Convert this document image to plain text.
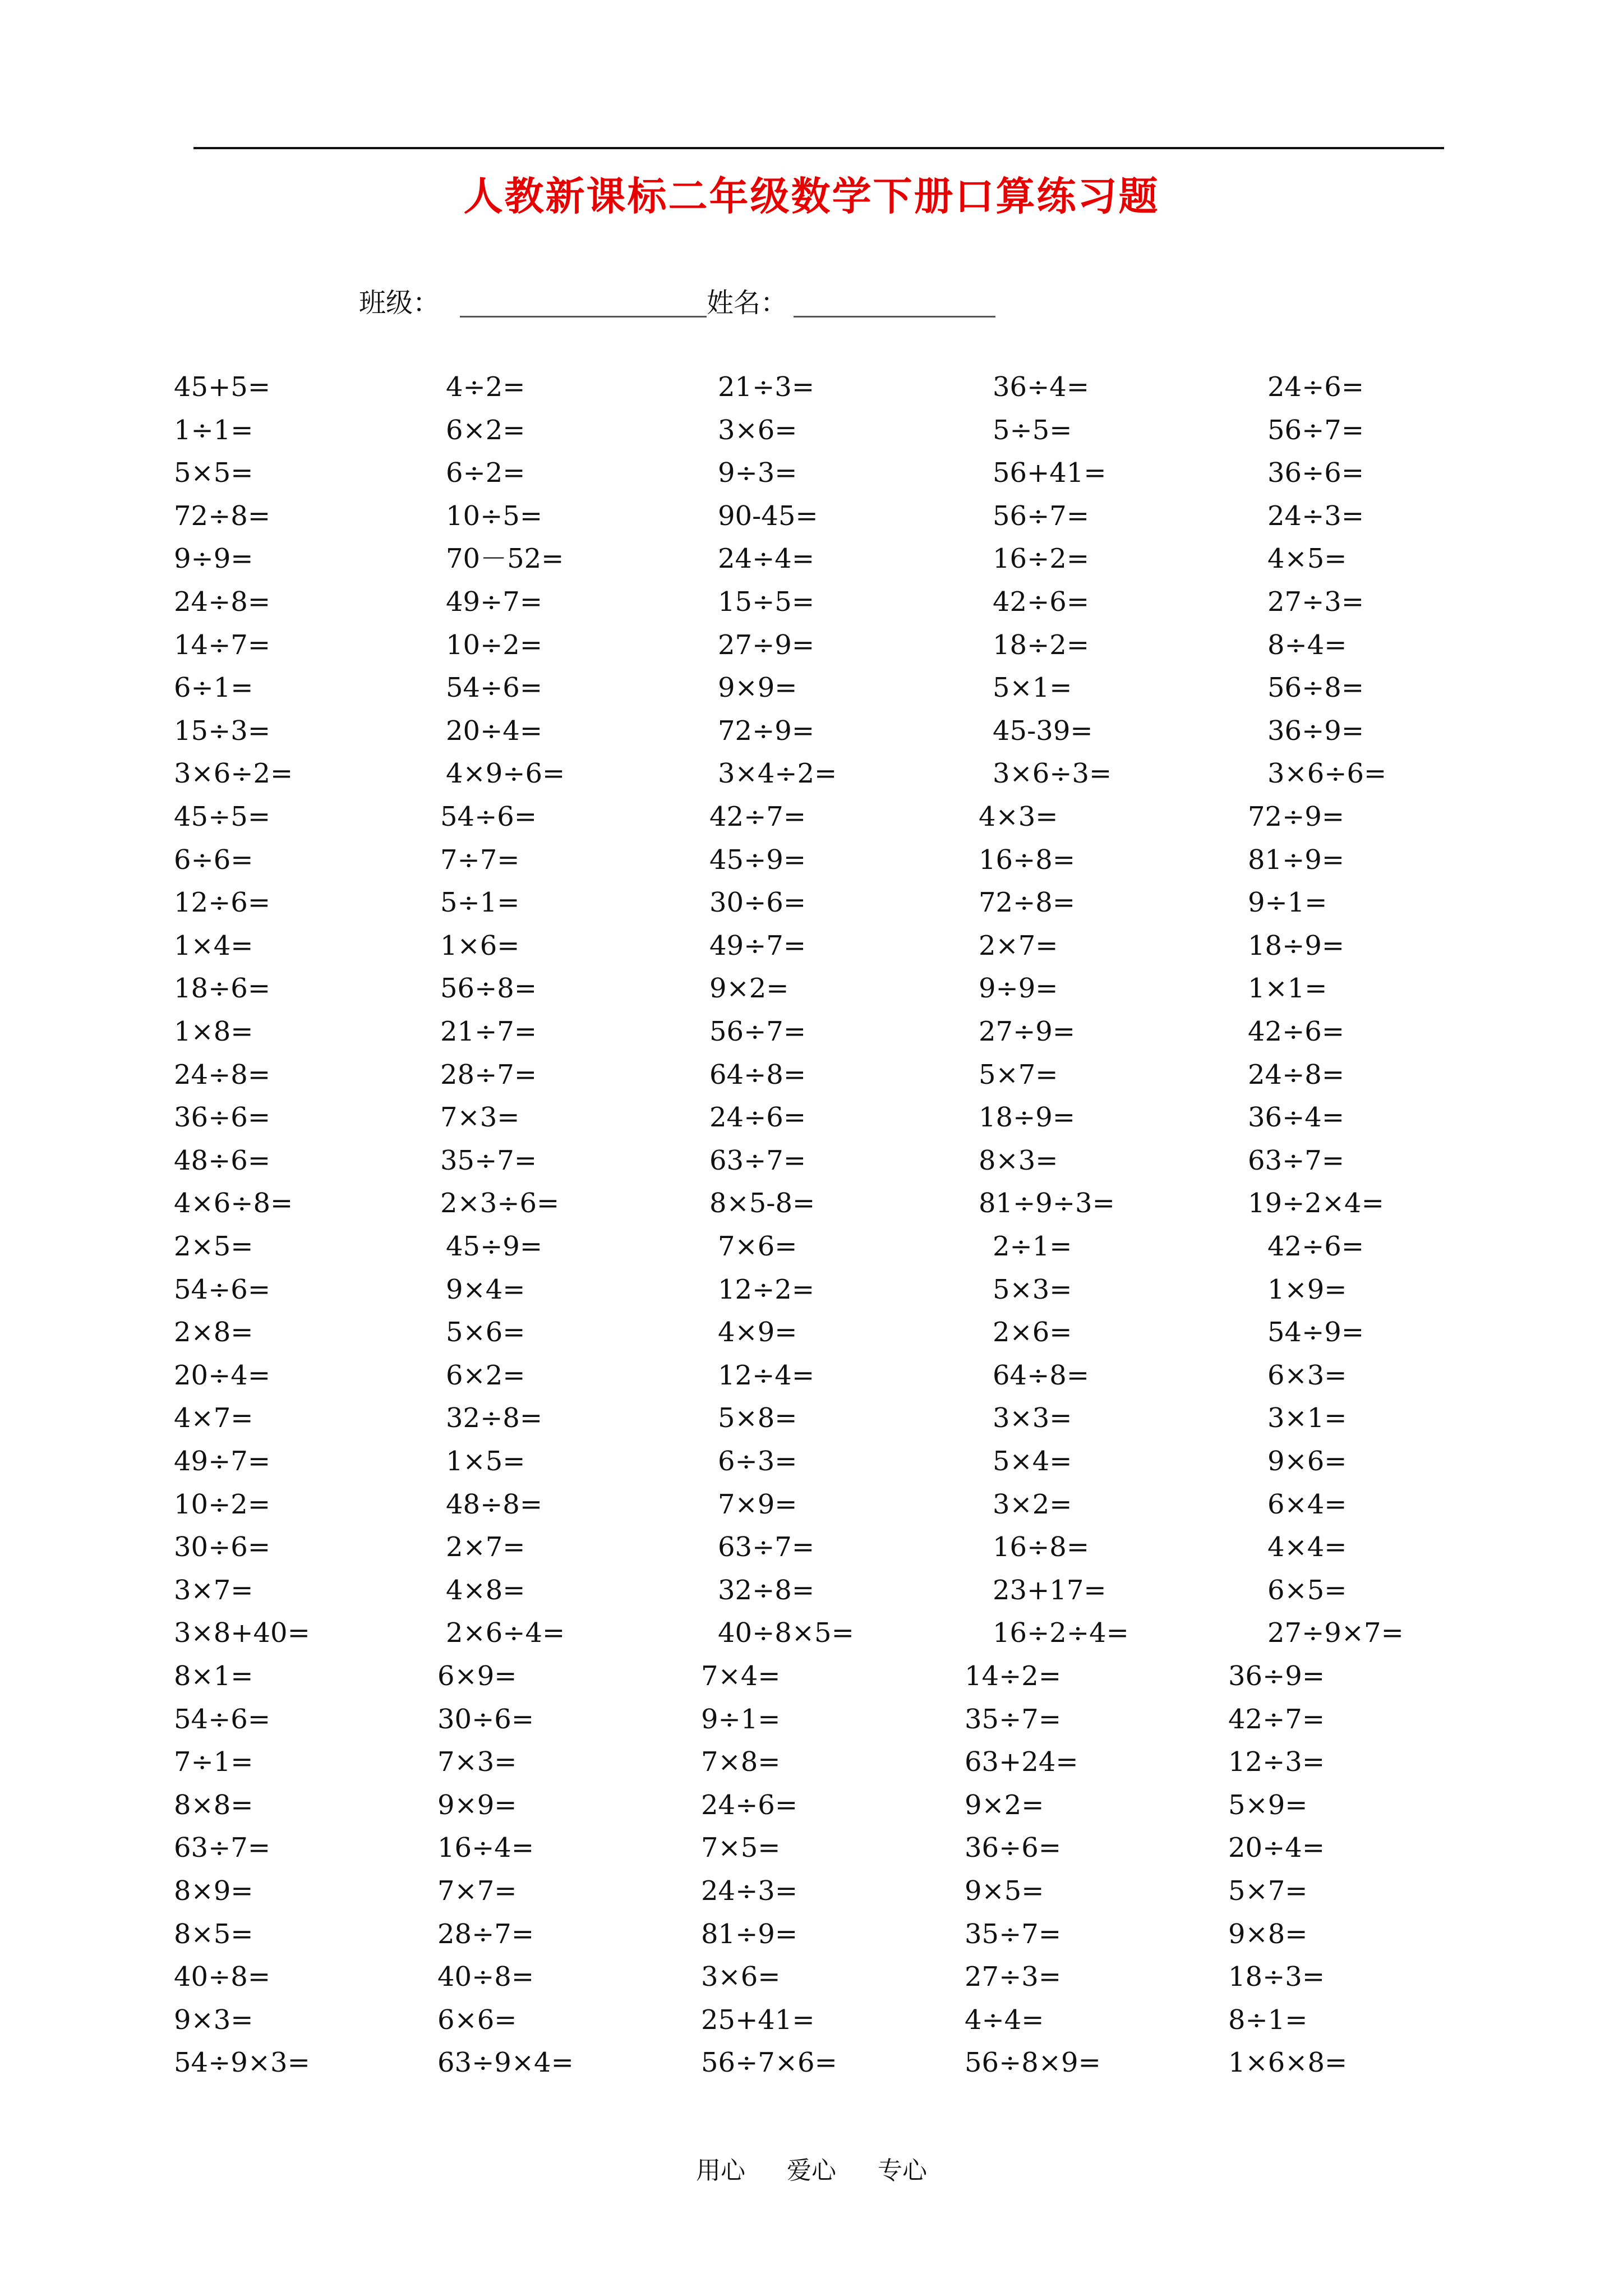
人教新课标二年级数学下册口算练习题
班级：	姓名：
45+5=	4÷2=	21÷3=	36÷4=	24÷6=
1÷1=	6×2=	3×6=	5÷5=	56÷7=
5×5=	6÷2=	9÷3=	56+41=	36÷6=
72÷8=	10÷5=	90-45=	56÷7=	24÷3=
9÷9=	70－52=	24÷4=	16÷2=	4×5=
24÷8=	49÷7=	15÷5=	42÷6=	27÷3=
14÷7=	10÷2=	27÷9=	18÷2=	8÷4=
6÷1=	54÷6=	9×9=	5×1=	56÷8=
15÷3=	20÷4=	72÷9=	45-39=	36÷9=
3×6÷2=	4×9÷6=	3×4÷2=	3×6÷3=	3×6÷6=
45÷5=	54÷6=	42÷7=	4×3=	72÷9=
6÷6=	7÷7=	45÷9=	16÷8=	81÷9=
12÷6=	5÷1=	30÷6=	72÷8=	9÷1=
1×4=	1×6=	49÷7=	2×7=	18÷9=
18÷6=	56÷8=	9×2=	9÷9=	1×1=
1×8=	21÷7=	56÷7=	27÷9=	42÷6=
24÷8=	28÷7=	64÷8=	5×7=	24÷8=
36÷6=	7×3=	24÷6=	18÷9=	36÷4=
48÷6=	35÷7=	63÷7=	8×3=	63÷7=
4×6÷8=	2×3÷6=	8×5-8=	81÷9÷3=	19÷2×4=
2×5=	45÷9=	7×6=	2÷1=	42÷6=
54÷6=	9×4=	12÷2=	5×3=	1×9=
2×8=	5×6=	4×9=	2×6=	54÷9=
20÷4=	6×2=	12÷4=	64÷8=	6×3=
4×7=	32÷8=	5×8=	3×3=	3×1=
49÷7=	1×5=	6÷3=	5×4=	9×6=
10÷2=	48÷8=	7×9=	3×2=	6×4=
30÷6=	2×7=	63÷7=	16÷8=	4×4=
3×7=	4×8=	32÷8=	23+17=	6×5=
3×8+40=	2×6÷4=	40÷8×5=	16÷2÷4=	27÷9×7=
8×1=	6×9=	7×4=	14÷2=	36÷9=
54÷6=	30÷6=	9÷1=	35÷7=	42÷7=
7÷1=	7×3=	7×8=	63+24=	12÷3=
8×8=	9×9=	24÷6=	9×2=	5×9=
63÷7=	16÷4=	7×5=	36÷6=	20÷4=
8×9=	7×7=	24÷3=	9×5=	5×7=
8×5=	28÷7=	81÷9=	35÷7=	9×8=
40÷8=	40÷8=	3×6=	27÷3=	18÷3=
9×3=	6×6=	25+41=	4÷4=	8÷1=
54÷9×3=	63÷9×4=	56÷7×6=	56÷8×9=	1×6×8=
用心 爱心 专心
